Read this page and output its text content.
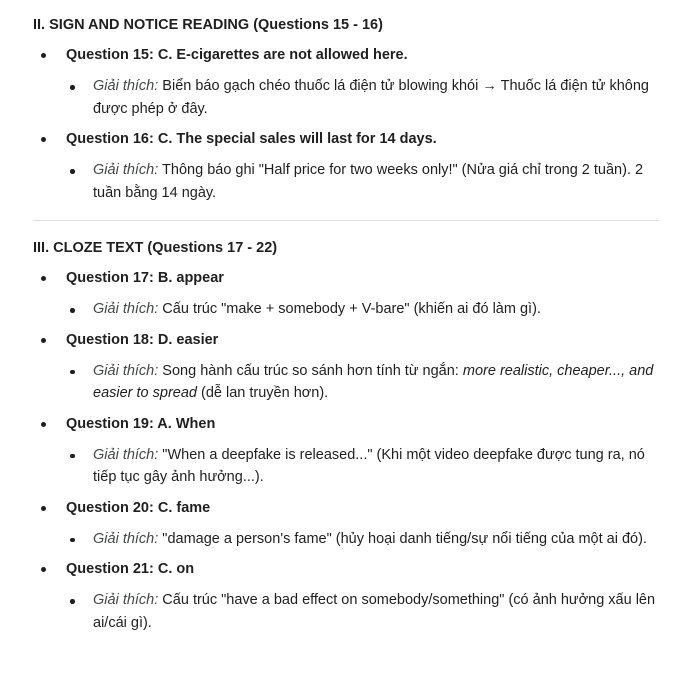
II. SIGN AND NOTICE READING (Questions 15 - 16)
Question 15: C. E-cigarettes are not allowed here.
Giải thích: Biển báo gạch chéo thuốc lá điện tử blowing khói → Thuốc lá điện tử không được phép ở đây.
Question 16: C. The special sales will last for 14 days.
Giải thích: Thông báo ghi "Half price for two weeks only!" (Nửa giá chỉ trong 2 tuần). 2 tuần bằng 14 ngày.
III. CLOZE TEXT (Questions 17 - 22)
Question 17: B. appear
Giải thích: Cấu trúc "make + somebody + V-bare" (khiến ai đó làm gì).
Question 18: D. easier
Giải thích: Song hành cấu trúc so sánh hơn tính từ ngắn: more realistic, cheaper..., and easier to spread (dễ lan truyền hơn).
Question 19: A. When
Giải thích: "When a deepfake is released..." (Khi một video deepfake được tung ra, nó tiếp tục gây ảnh hưởng...).
Question 20: C. fame
Giải thích: "damage a person's fame" (hủy hoại danh tiếng/sự nổi tiếng của một ai đó).
Question 21: C. on
Giải thích: Cấu trúc "have a bad effect on somebody/something" (có ảnh hưởng xấu lên ai/cái gì).
